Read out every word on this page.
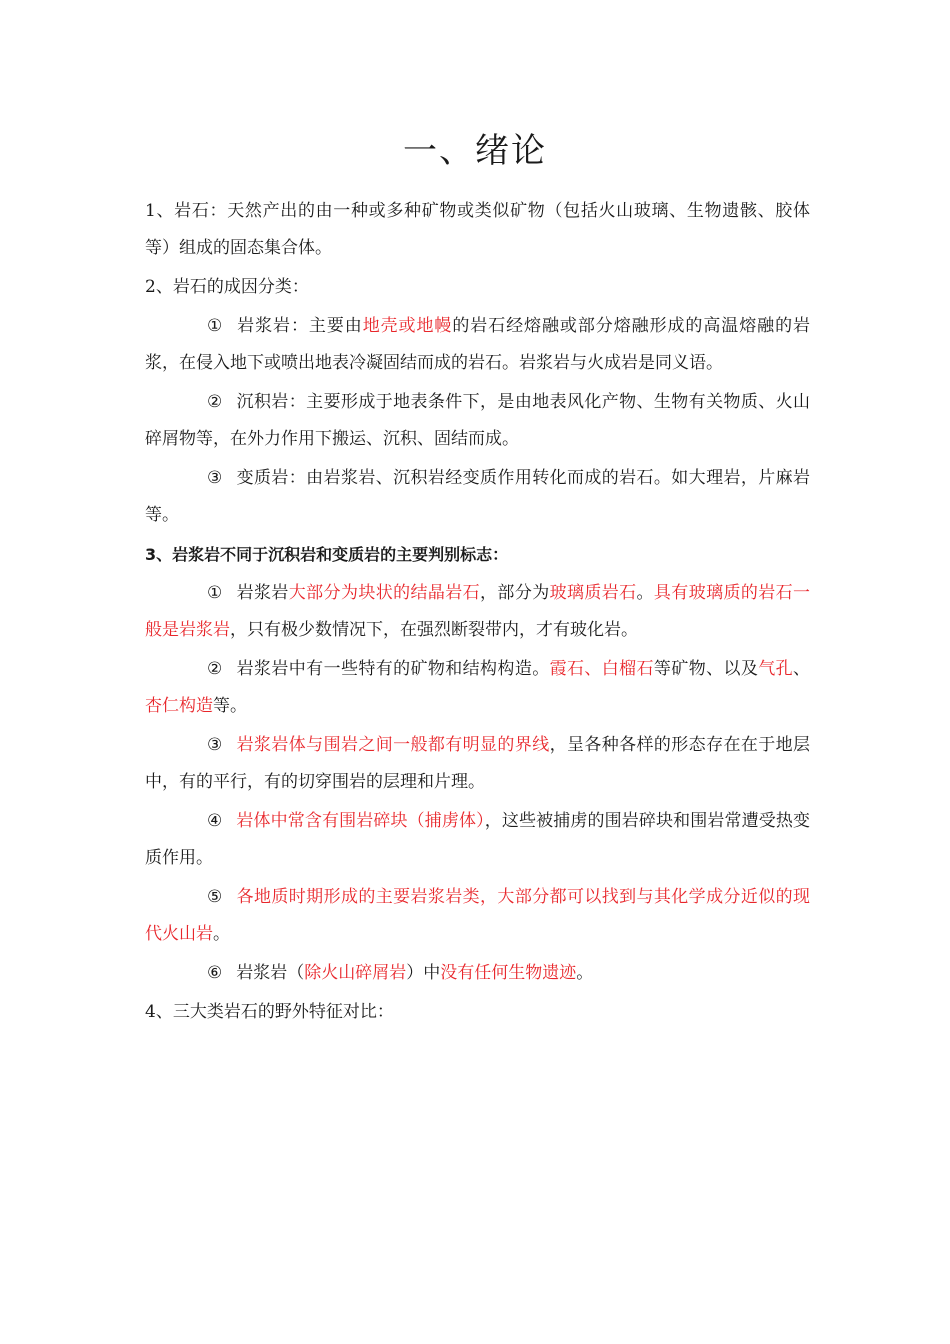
一、绪论

1、岩石：天然产出的由一种或多种矿物或类似矿物（包括火山玻璃、生物遗骸、胶体等）组成的固态集合体。

2、岩石的成因分类：

① 岩浆岩：主要由地壳或地幔的岩石经熔融或部分熔融形成的高温熔融的岩浆，在侵入地下或喷出地表冷凝固结而成的岩石。岩浆岩与火成岩是同义语。

② 沉积岩：主要形成于地表条件下，是由地表风化产物、生物有关物质、火山碎屑物等，在外力作用下搬运、沉积、固结而成。

③ 变质岩：由岩浆岩、沉积岩经变质作用转化而成的岩石。如大理岩，片麻岩等。

3、岩浆岩不同于沉积岩和变质岩的主要判别标志：

① 岩浆岩大部分为块状的结晶岩石，部分为玻璃质岩石。具有玻璃质的岩石一般是岩浆岩，只有极少数情况下，在强烈断裂带内，才有玻化岩。

② 岩浆岩中有一些特有的矿物和结构构造。霞石、白榴石等矿物、以及气孔、杏仁构造等。

③ 岩浆岩体与围岩之间一般都有明显的界线，呈各种各样的形态存在在于地层中，有的平行，有的切穿围岩的层理和片理。

④ 岩体中常含有围岩碎块（捕虏体），这些被捕虏的围岩碎块和围岩常遭受热变质作用。

⑤ 各地质时期形成的主要岩浆岩类，大部分都可以找到与其化学成分近似的现代火山岩。

⑥ 岩浆岩（除火山碎屑岩）中没有任何生物遗迹。

4、三大类岩石的野外特征对比：
